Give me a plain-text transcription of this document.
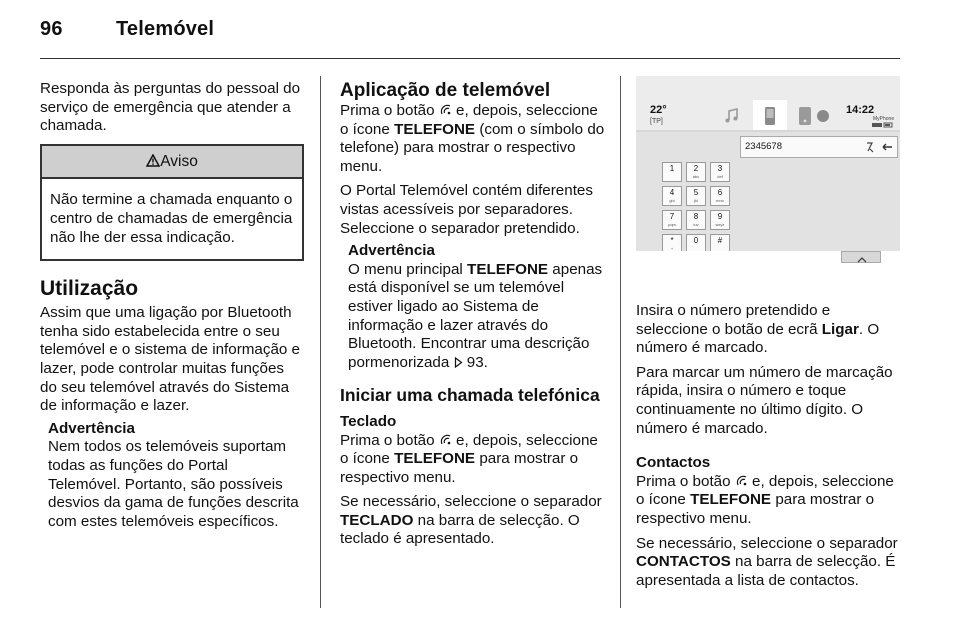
96	Telemóvel

Responda às perguntas do pessoal do serviço de emergência que atender a chamada.

Aviso
Não termine a chamada enquanto o centro de chamadas de emergência não lhe der essa indicação.
Utilização

Assim que uma ligação por Bluetooth tenha sido estabelecida entre o seu telemóvel e o sistema de informação e lazer, pode controlar muitas funções do seu telemóvel através do Sistema de informação e lazer.

Advertência

Nem todos os telemóveis suportam todas as funções do Portal Telemóvel. Portanto, são possíveis desvios da gama de funções descrita com estes telemóveis específicos.

Aplicação de telemóvel

Prima o botão e, depois, seleccione o ícone TELEFONE (com o símbolo do telefone) para mostrar o respectivo menu.

O Portal Telemóvel contém diferentes vistas acessíveis por separadores. Seleccione o separador pretendido.

Advertência

O menu principal TELEFONE apenas está disponível se um telemóvel estiver ligado ao Sistema de informação e lazer através do Bluetooth. Encontrar uma descrição pormenorizada 93.

Iniciar uma chamada telefónica

Teclado

Prima o botão e, depois, seleccione o ícone TELEFONE para mostrar o respectivo menu.

Se necessário, seleccione o separador TECLADO na barra de selecção. O teclado é apresentado.

22°
[TP]
14:22
MyPhone
2345678
1	2
abc
3
def
4
ghi
5
jkl
6
mno
7
pqrs
8
tuv
9
wxyz
*
+
0	#

Insira o número pretendido e seleccione o botão de ecrã Ligar. O número é marcado.

Para marcar um número de marcação rápida, insira o número e toque continuamente no último dígito. O número é marcado.

Contactos

Prima o botão e, depois, seleccione o ícone TELEFONE para mostrar o respectivo menu.

Se necessário, seleccione o separador CONTACTOS na barra de selecção. É apresentada a lista de contactos.
